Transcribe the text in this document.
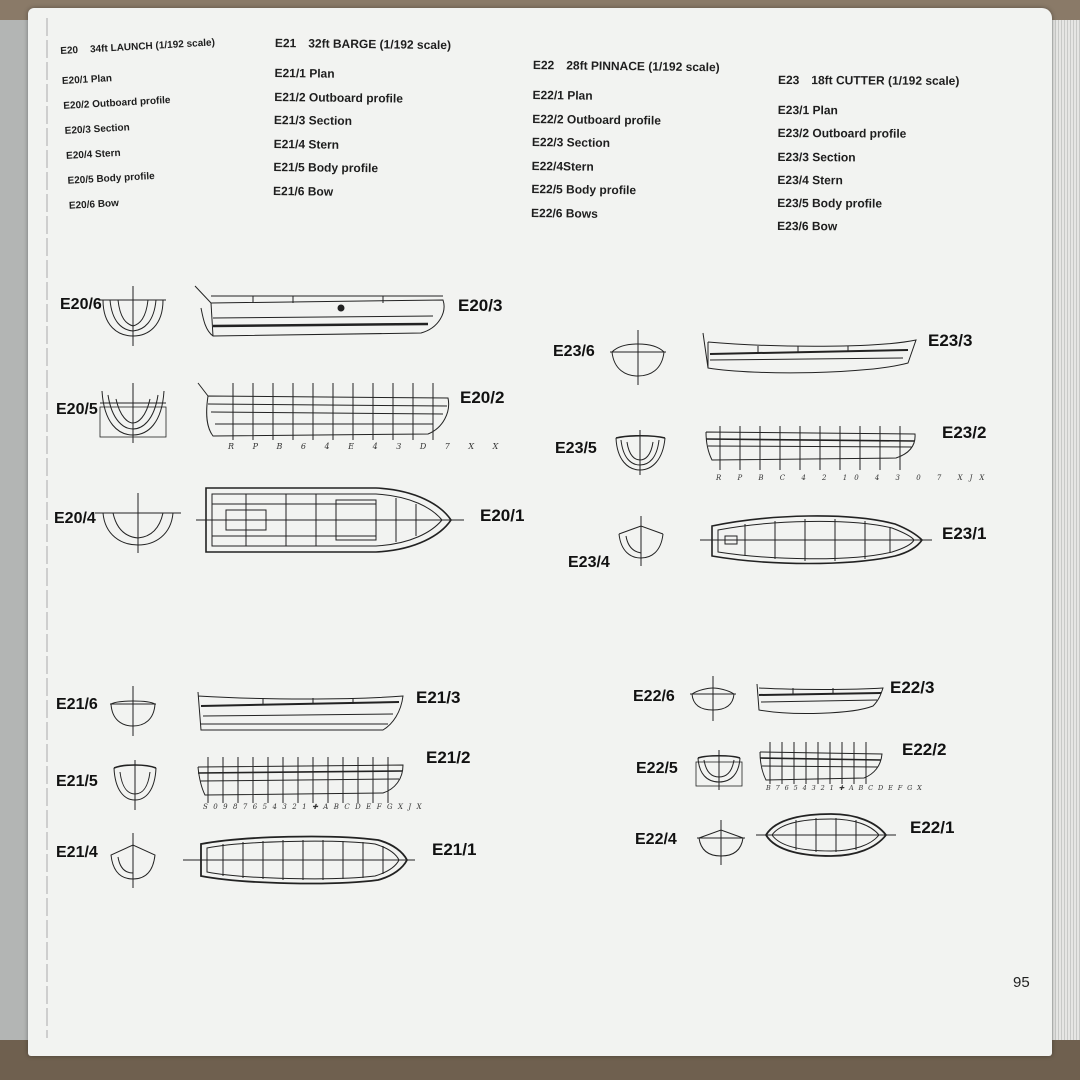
E20 34ft LAUNCH (1/192 scale)
E20/1 Plan
E20/2 Outboard profile
E20/3 Section
E20/4 Stern
E20/5 Body profile
E20/6 Bow
E21 32ft BARGE (1/192 scale)
E21/1 Plan
E21/2 Outboard profile
E21/3 Section
E21/4 Stern
E21/5 Body profile
E21/6 Bow
E22 28ft PINNACE (1/192 scale)
E22/1 Plan
E22/2 Outboard profile
E22/3 Section
E22/4Stern
E22/5 Body profile
E22/6 Bows
E23 18ft CUTTER (1/192 scale)
E23/1 Plan
E23/2 Outboard profile
E23/3 Section
E23/4 Stern
E23/5 Body profile
E23/6 Bow
E20/6	E20/3
E20/5
R P B 6 4 E 4 3 D 7 X X
E20/2
E20/4	E20/1
E23/6
E23/3
E23/5
R P B C 4 2 10 4 3 0 7 XJX
E23/2
E23/4
E23/1
E21/6	E21/3
E21/5
S 0 9 8 7 6 5 4 3 2 1 ✚ A B C D E F G X J X
E21/2
E21/4	E21/1
E22/6	E22/3
E22/5
B 7 6 5 4 3 2 1 ✚ A B C D E F G X
E22/2
E22/4
E22/1
95
